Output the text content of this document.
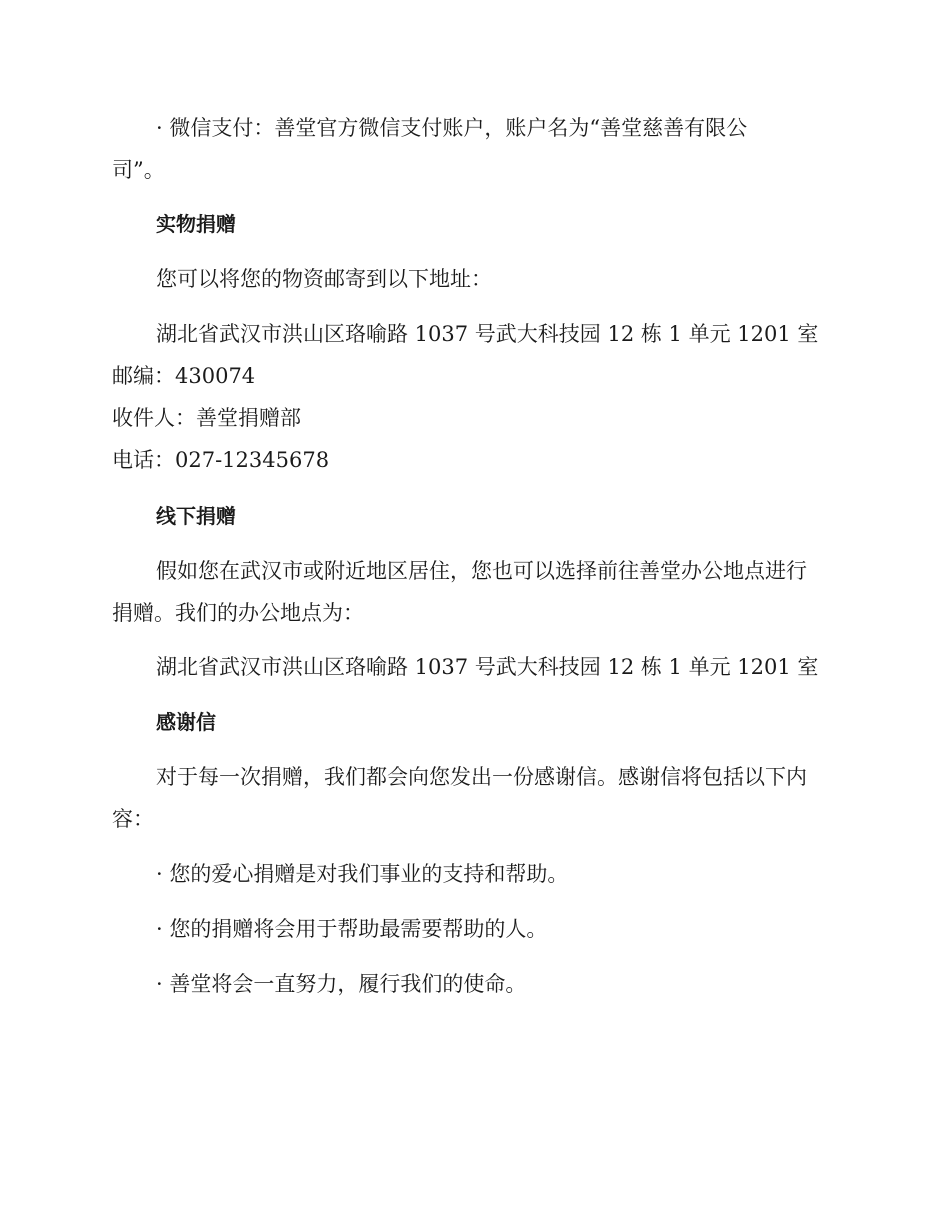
· 微信支付：善堂官方微信支付账户，账户名为“善堂慈善有限公
司”。
实物捐赠
您可以将您的物资邮寄到以下地址：
湖北省武汉市洪山区珞喻路 1037 号武大科技园 12 栋 1 单元 1201 室
邮编：430074
收件人：善堂捐赠部
电话：027-12345678
线下捐赠
假如您在武汉市或附近地区居住，您也可以选择前往善堂办公地点进行
捐赠。我们的办公地点为：
湖北省武汉市洪山区珞喻路 1037 号武大科技园 12 栋 1 单元 1201 室
感谢信
对于每一次捐赠，我们都会向您发出一份感谢信。感谢信将包括以下内
容：
· 您的爱心捐赠是对我们事业的支持和帮助。
· 您的捐赠将会用于帮助最需要帮助的人。
· 善堂将会一直努力，履行我们的使命。
